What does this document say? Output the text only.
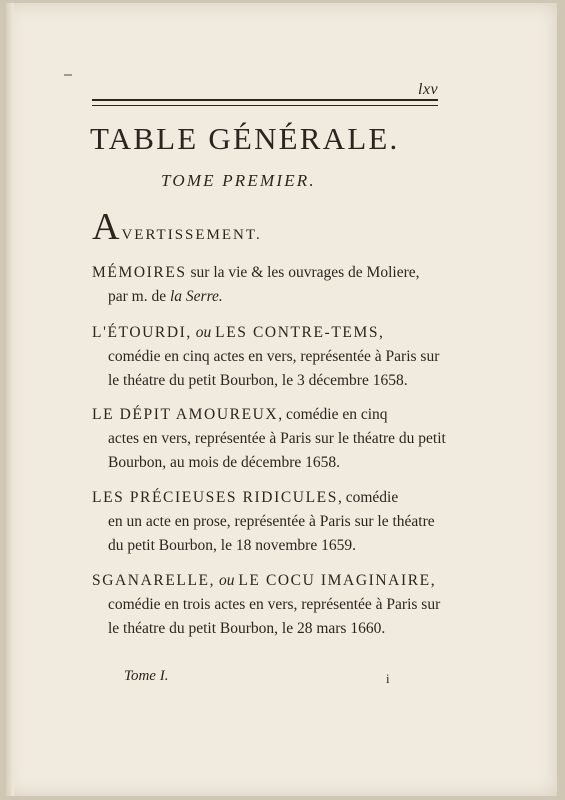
lxv
TABLE GÉNÉRALE.
TOME PREMIER.
AVERTISSEMENT.
MÉMOIRES sur la vie & les ouvrages de Moliere,
par m. de la Serre.
L'ÉTOURDI, ou LES CONTRE-TEMS,
comédie en cinq actes en vers, représentée à Paris sur
le théatre du petit Bourbon, le 3 décembre 1658.
LE DÉPIT AMOUREUX, comédie en cinq
actes en vers, représentée à Paris sur le théatre du petit
Bourbon, au mois de décembre 1658.
LES PRÉCIEUSES RIDICULES, comédie
en un acte en prose, représentée à Paris sur le théatre
du petit Bourbon, le 18 novembre 1659.
SGANARELLE, ou LE COCU IMAGINAIRE,
comédie en trois actes en vers, représentée à Paris sur
le théatre du petit Bourbon, le 28 mars 1660.
Tome I.	i
